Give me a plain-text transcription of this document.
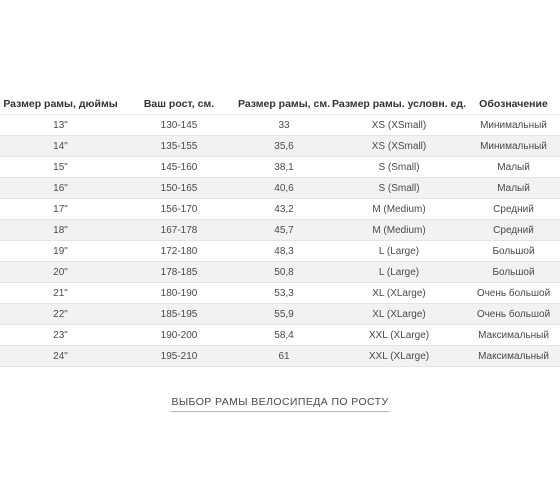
Размер рамы, дюймы	Ваш рост, см.	Размер рамы, см.	Размер рамы. условн. ед.	Обозначение
13"	130-145	33	XS (XSmall)	Минимальный
14"	135-155	35,6	XS (XSmall)	Минимальный
15"	145-160	38,1	S (Small)	Малый
16"	150-165	40,6	S (Small)	Малый
17"	156-170	43,2	M (Medium)	Средний
18"	167-178	45,7	M (Medium)	Средний
19"	172-180	48,3	L (Large)	Большой
20"	178-185	50,8	L (Large)	Большой
21"	180-190	53,3	XL (XLarge)	Очень большой
22"	185-195	55,9	XL (XLarge)	Очень большой
23"	190-200	58,4	XXL (XLarge)	Максимальный
24"	195-210	61	XXL (XLarge)	Максимальный
ВЫБОР РАМЫ ВЕЛОСИПЕДА ПО РОСТУ
